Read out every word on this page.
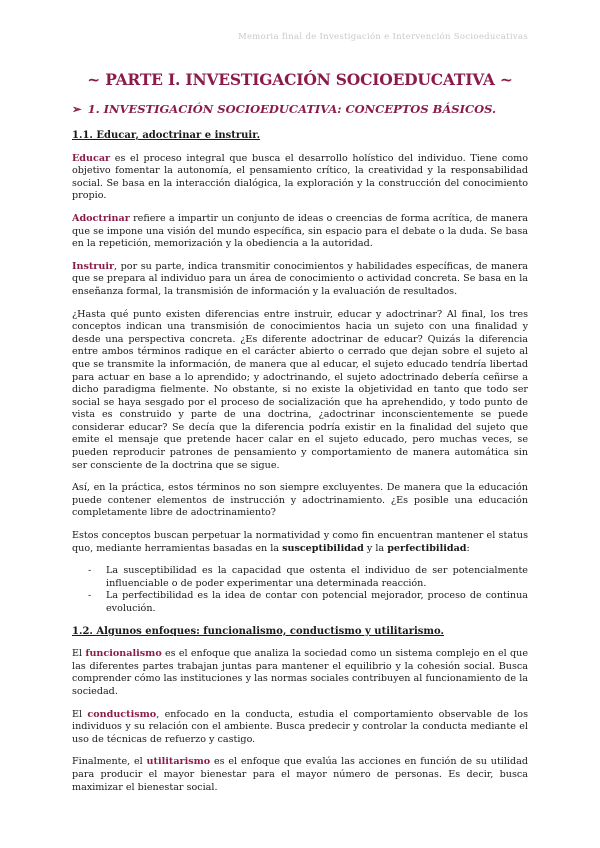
Memoria final de Investigación e Intervención Socioeducativas
~ PARTE I. INVESTIGACIÓN SOCIOEDUCATIVA ~
➢ 1. INVESTIGACIÓN SOCIOEDUCATIVA: CONCEPTOS BÁSICOS.
1.1. Educar, adoctrinar e instruir.

Educar es el proceso integral que busca el desarrollo holístico del individuo. Tiene como objetivo fomentar la autonomía, el pensamiento crítico, la creatividad y la responsabilidad social. Se basa en la interacción dialógica, la exploración y la construcción del conocimiento propio.

Adoctrinar refiere a impartir un conjunto de ideas o creencias de forma acrítica, de manera que se impone una visión del mundo específica, sin espacio para el debate o la duda. Se basa en la repetición, memorización y la obediencia a la autoridad.

Instruir, por su parte, indica transmitir conocimientos y habilidades específicas, de manera que se prepara al individuo para un área de conocimiento o actividad concreta. Se basa en la enseñanza formal, la transmisión de información y la evaluación de resultados.

¿Hasta qué punto existen diferencias entre instruir, educar y adoctrinar? Al final, los tres conceptos indican una transmisión de conocimientos hacia un sujeto con una finalidad y desde una perspectiva concreta. ¿Es diferente adoctrinar de educar? Quizás la diferencia entre ambos términos radique en el carácter abierto o cerrado que dejan sobre el sujeto al que se transmite la información, de manera que al educar, el sujeto educado tendría libertad para actuar en base a lo aprendido; y adoctrinando, el sujeto adoctrinado debería ceñirse a dicho paradigma fielmente. No obstante, si no existe la objetividad en tanto que todo ser social se haya sesgado por el proceso de socialización que ha aprehendido, y todo punto de vista es construido y parte de una doctrina, ¿adoctrinar inconscientemente se puede considerar educar? Se decía que la diferencia podría existir en la finalidad del sujeto que emite el mensaje que pretende hacer calar en el sujeto educado, pero muchas veces, se pueden reproducir patrones de pensamiento y comportamiento de manera automática sin ser consciente de la doctrina que se sigue.

Así, en la práctica, estos términos no son siempre excluyentes. De manera que la educación puede contener elementos de instrucción y adoctrinamiento. ¿Es posible una educación completamente libre de adoctrinamiento?

Estos conceptos buscan perpetuar la normatividad y como fin encuentran mantener el status quo, mediante herramientas basadas en la susceptibilidad y la perfectibilidad:

- La susceptibilidad es la capacidad que ostenta el individuo de ser potencialmente influenciable o de poder experimentar una determinada reacción.
- La perfectibilidad es la idea de contar con potencial mejorador, proceso de continua evolución.
1.2. Algunos enfoques: funcionalismo, conductismo y utilitarismo.

El funcionalismo es el enfoque que analiza la sociedad como un sistema complejo en el que las diferentes partes trabajan juntas para mantener el equilibrio y la cohesión social. Busca comprender cómo las instituciones y las normas sociales contribuyen al funcionamiento de la sociedad.

El conductismo, enfocado en la conducta, estudia el comportamiento observable de los individuos y su relación con el ambiente. Busca predecir y controlar la conducta mediante el uso de técnicas de refuerzo y castigo.

Finalmente, el utilitarismo es el enfoque que evalúa las acciones en función de su utilidad para producir el mayor bienestar para el mayor número de personas. Es decir, busca maximizar el bienestar social.
